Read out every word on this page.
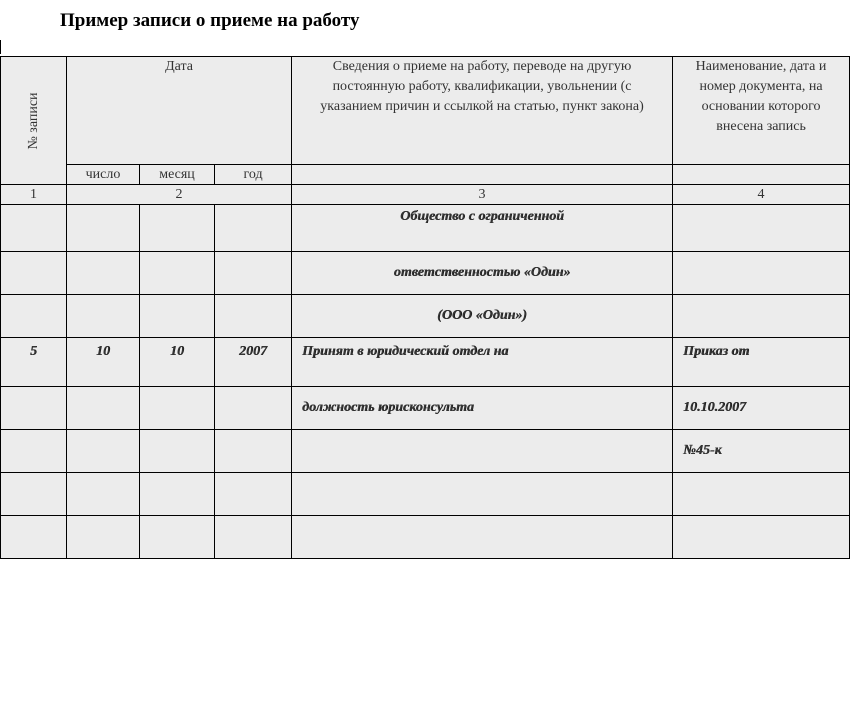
Пример записи о приеме на работу
№ записи	Дата			Сведения о приеме на работу, переводе на другую постоянную работу, квалификации, увольнении (с указанием причин и ссылкой на статью, пункт закона)	Наименование, дата и номер документа, на основании которого внесена запись
	число	месяц	год		
1	2			3	4
				Общество с ограниченной	
				ответственностью «Один»	
				(ООО «Один»)	
5	10	10	2007	Принят в юридический отдел на	Приказ от
				должность юрисконсульта	10.10.2007
					№45-к
